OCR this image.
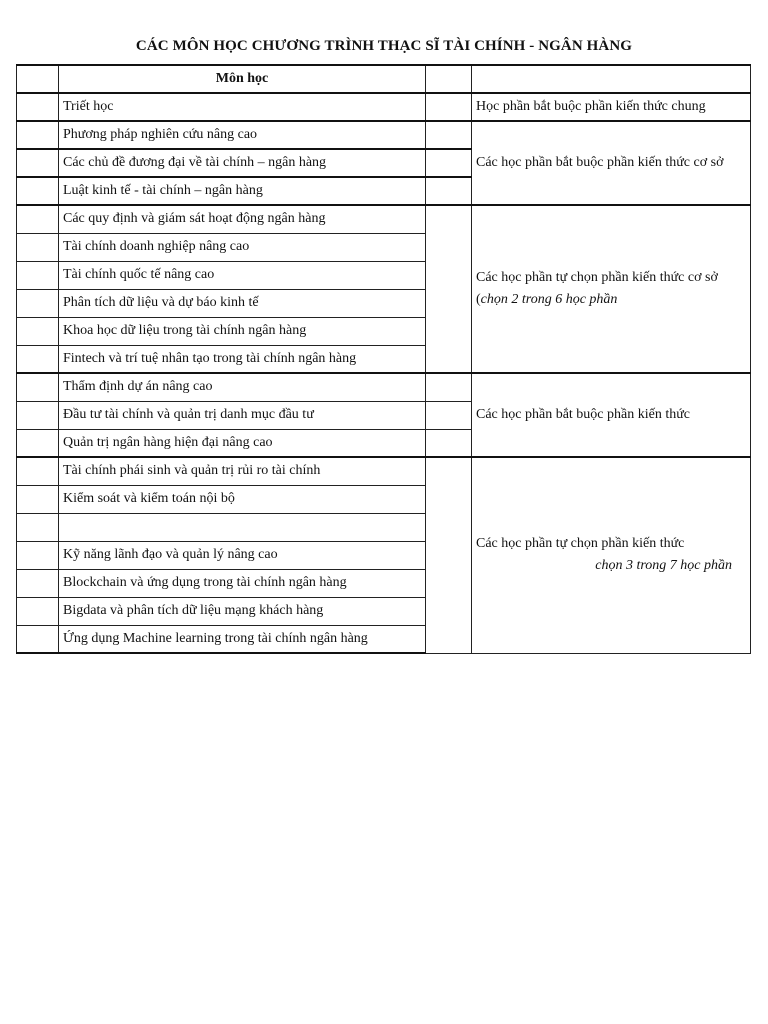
CÁC MÔN HỌC CHƯƠNG TRÌNH THẠC SĨ TÀI CHÍNH - NGÂN HÀNG
	Môn học		
	Triết học		Học phần bắt buộc phần kiến thức chung
	Phương pháp nghiên cứu nâng cao		Các học phần bắt buộc phần kiến thức cơ sở
	Các chủ đề đương đại về tài chính – ngân hàng		
	Luật kinh tế - tài chính – ngân hàng		
	Các quy định và giám sát hoạt động ngân hàng		Các học phần tự chọn phần kiến thức cơ sở (chọn 2 trong 6 học phần
	Tài chính doanh nghiệp nâng cao		
	Tài chính quốc tế nâng cao		
	Phân tích dữ liệu và dự báo kinh tế		
	Khoa học dữ liệu trong tài chính ngân hàng		
	Fintech và trí tuệ nhân tạo trong tài chính ngân hàng		
	Thẩm định dự án nâng cao		Các học phần bắt buộc phần kiến thức
	Đầu tư tài chính và quản trị danh mục đầu tư		
	Quản trị ngân hàng hiện đại nâng cao		
	Tài chính phái sinh và quản trị rủi ro tài chính		Các học phần tự chọn phần kiến thức
chọn 3 trong 7 học phần

	Kiểm soát và kiểm toán nội bộ		

	Kỹ năng lãnh đạo và quản lý nâng cao		
	Blockchain và ứng dụng trong tài chính ngân hàng		
	Bigdata và phân tích dữ liệu mạng khách hàng		
	Ứng dụng Machine learning trong tài chính ngân hàng		
